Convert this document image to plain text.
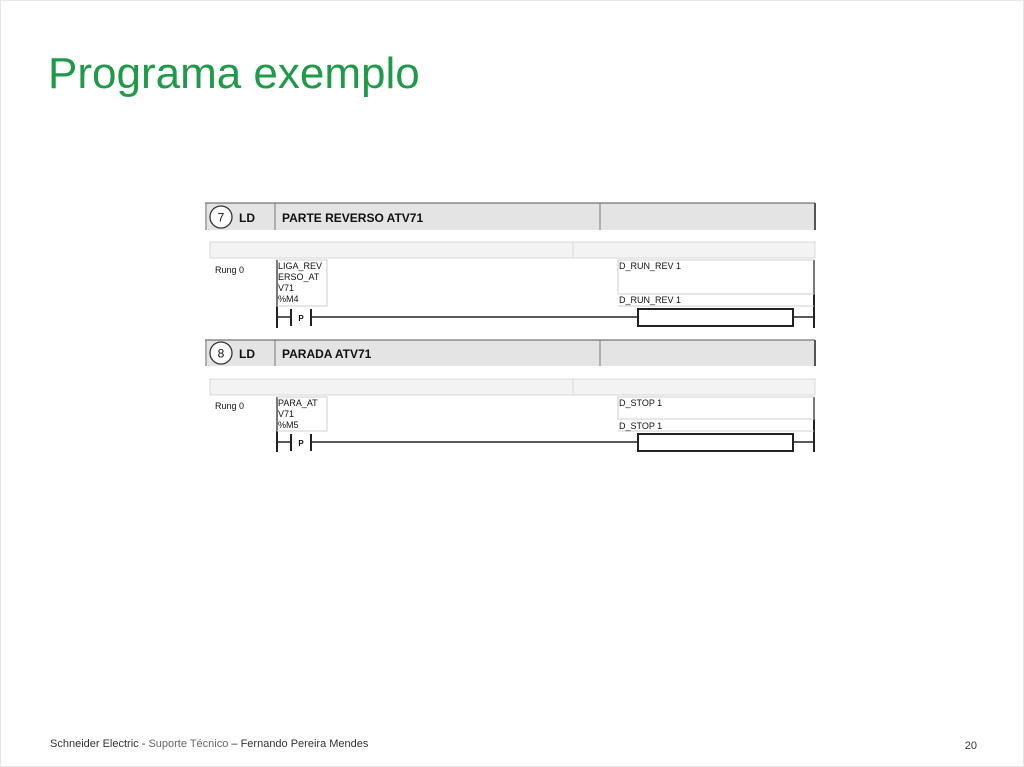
Programa exemplo
7 LD PARTE REVERSO ATV71
Rung 0	LIGA_REV
ERSO_AT
V71
%M4
D_RUN_REV 1
D_RUN_REV 1
P
8 LD PARADA ATV71
Rung 0	PARA_AT
V71
%M5
D_STOP 1
D_STOP 1
P
Schneider Electric - Suporte Técnico – Fernando Pereira Mendes	20
